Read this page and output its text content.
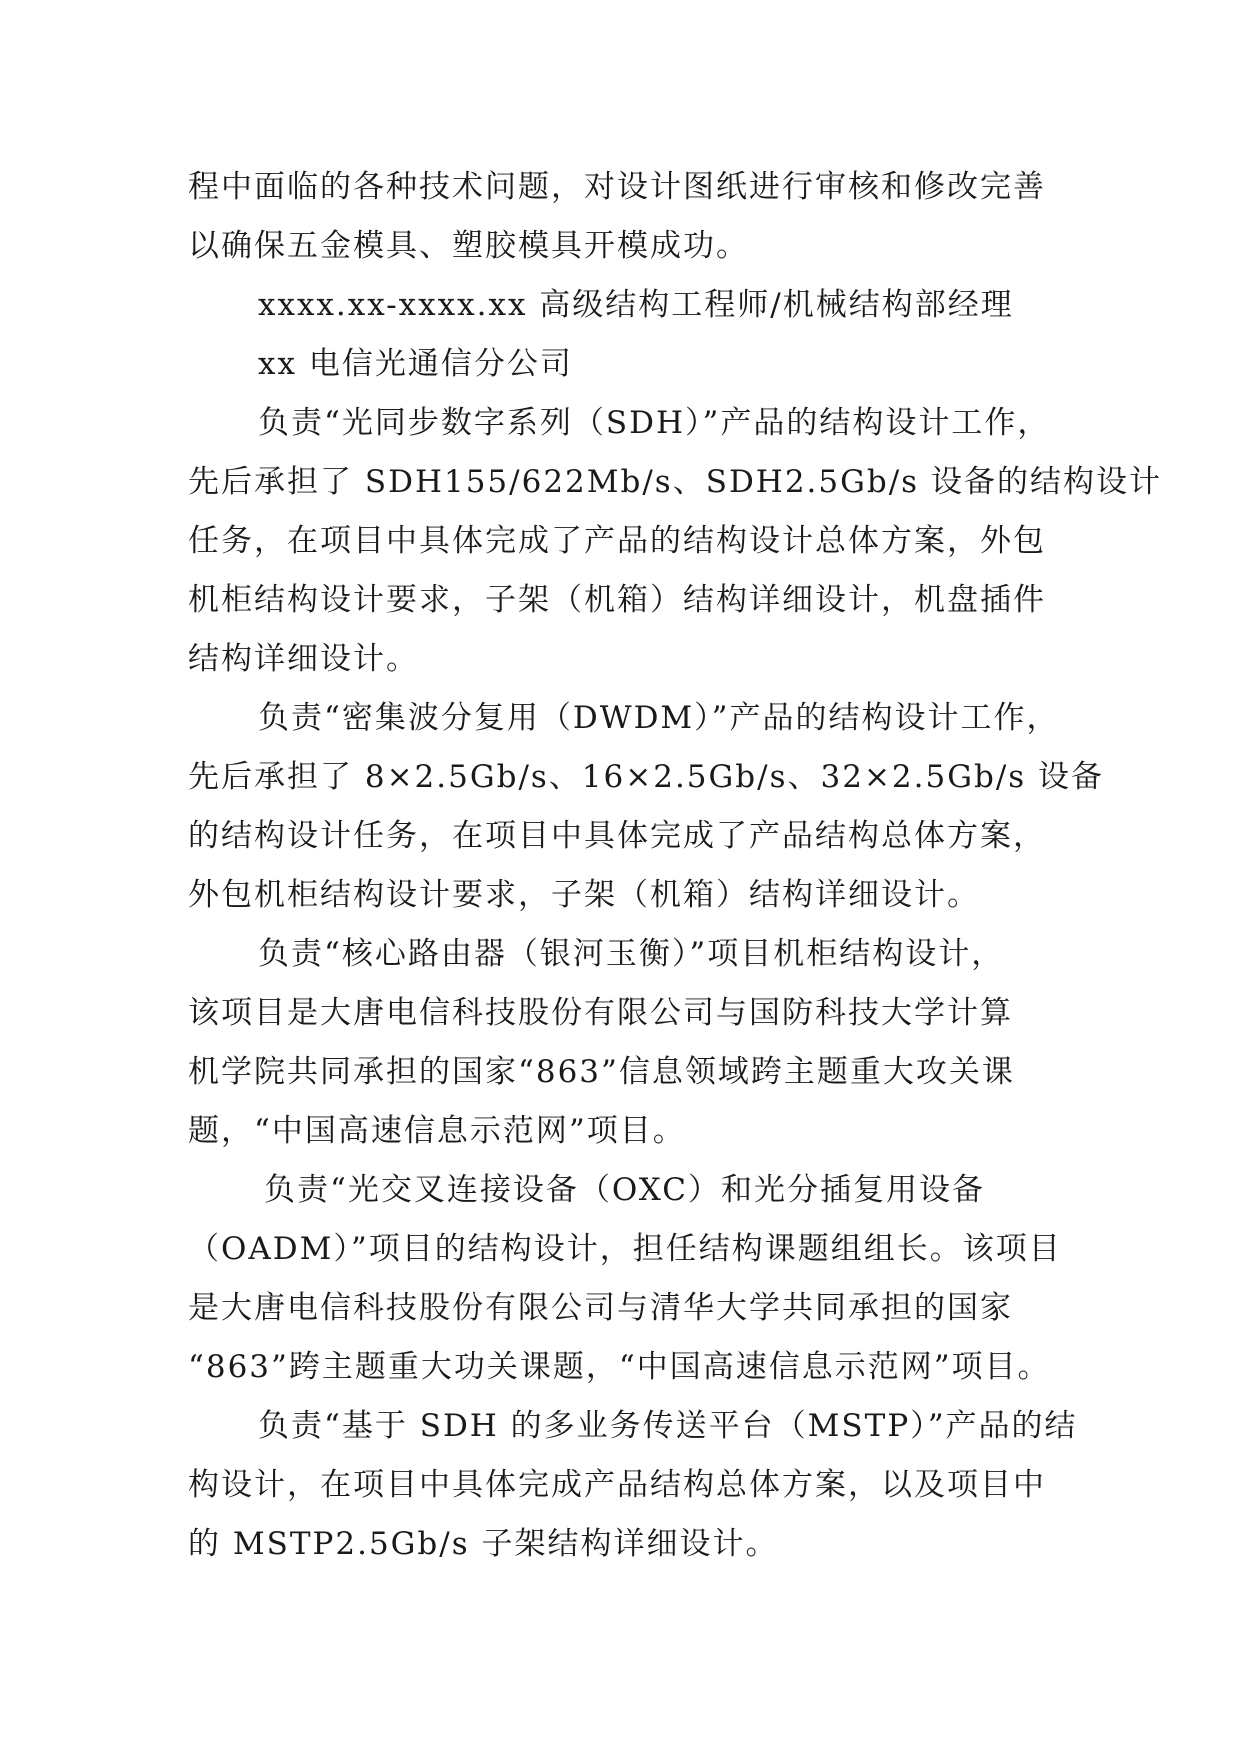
程中面临的各种技术问题，对设计图纸进行审核和修改完善
以确保五金模具、塑胶模具开模成功。
xxxx.xx-xxxx.xx 高级结构工程师/机械结构部经理
xx 电信光通信分公司
负责“光同步数字系列（SDH）”产品的结构设计工作，
先后承担了 SDH155/622Mb/s、SDH2.5Gb/s 设备的结构设计
任务，在项目中具体完成了产品的结构设计总体方案，外包
机柜结构设计要求，子架（机箱）结构详细设计，机盘插件
结构详细设计。
负责“密集波分复用（DWDM）”产品的结构设计工作，
先后承担了 8×2.5Gb/s、16×2.5Gb/s、32×2.5Gb/s 设备
的结构设计任务，在项目中具体完成了产品结构总体方案，
外包机柜结构设计要求，子架（机箱）结构详细设计。
负责“核心路由器（银河玉衡）”项目机柜结构设计，
该项目是大唐电信科技股份有限公司与国防科技大学计算
机学院共同承担的国家“863”信息领域跨主题重大攻关课
题，“中国高速信息示范网”项目。
负责“光交叉连接设备（OXC）和光分插复用设备
（OADM）”项目的结构设计，担任结构课题组组长。该项目
是大唐电信科技股份有限公司与清华大学共同承担的国家
“863”跨主题重大功关课题，“中国高速信息示范网”项目。
负责“基于 SDH 的多业务传送平台（MSTP）”产品的结
构设计，在项目中具体完成产品结构总体方案，以及项目中
的 MSTP2.5Gb/s 子架结构详细设计。
